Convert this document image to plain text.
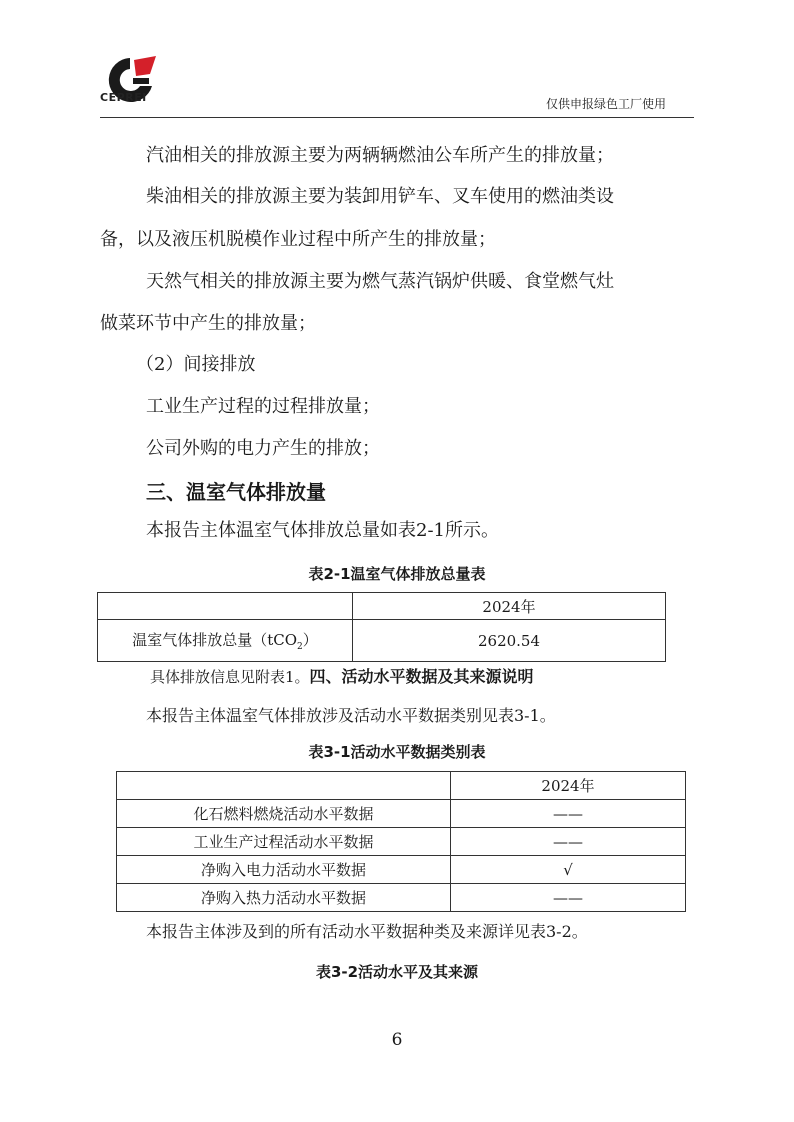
CEPREI	仅供申报绿色工厂使用
汽油相关的排放源主要为两辆辆燃油公车所产生的排放量；
柴油相关的排放源主要为装卸用铲车、叉车使用的燃油类设
备，以及液压机脱模作业过程中所产生的排放量；
天然气相关的排放源主要为燃气蒸汽锅炉供暖、食堂燃气灶
做菜环节中产生的排放量；
（2）间接排放
工业生产过程的过程排放量；
公司外购的电力产生的排放；
三、温室气体排放量
本报告主体温室气体排放总量如表2-1所示。
表2-1温室气体排放总量表
	2024年
温室气体排放总量（tCO$_2$）	2620.54
具体排放信息见附表1。四、活动水平数据及其来源说明
本报告主体温室气体排放涉及活动水平数据类别见表3-1。
表3-1活动水平数据类别表
	2024年
化石燃料燃烧活动水平数据	——
工业生产过程活动水平数据	——
净购入电力活动水平数据	√
净购入热力活动水平数据	——
本报告主体涉及到的所有活动水平数据种类及来源详见表3-2。
表3-2活动水平及其来源
6
